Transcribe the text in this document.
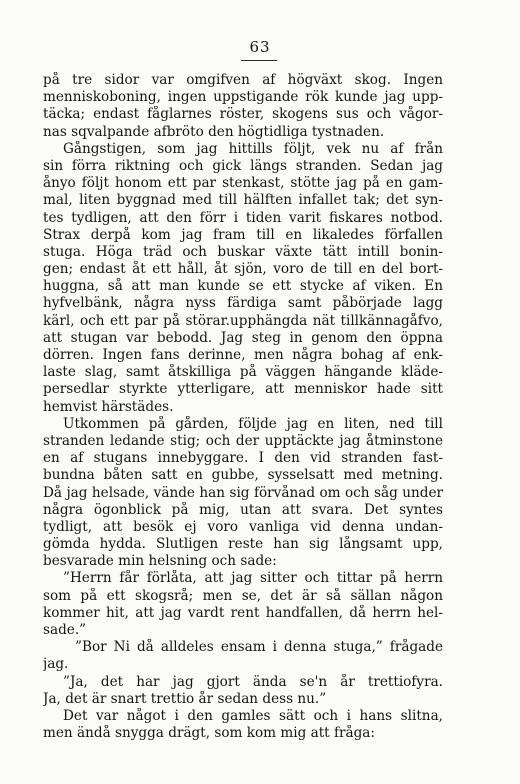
63
på tre sidor var omgifven af högväxt skog. Ingen
menniskoboning, ingen uppstigande rök kunde jag upp-
täcka; endast fåglarnes röster, skogens sus och vågor-
nas sqvalpande afbröto den högtidliga tystnaden.
Gångstigen, som jag hittills följt, vek nu af från
sin förra riktning och gick längs stranden. Sedan jag
ånyo följt honom ett par stenkast, stötte jag på en gam-
mal, liten byggnad med till hälften infallet tak; det syn-
tes tydligen, att den förr i tiden varit fiskares notbod.
Strax derpå kom jag fram till en likaledes förfallen
stuga. Höga träd och buskar växte tätt intill bonin-
gen; endast åt ett håll, åt sjön, voro de till en del bort-
huggna, så att man kunde se ett stycke af viken. En
hyfvelbänk, några nyss färdiga samt påbörjade lagg
kärl, och ett par på störar.upphängda nät tillkännagåfvo,
att stugan var bebodd. Jag steg in genom den öppna
dörren. Ingen fans derinne, men några bohag af enk-
laste slag, samt åtskilliga på väggen hängande kläde-
persedlar styrkte ytterligare, att menniskor hade sitt
hemvist härstädes.
Utkommen på gården, följde jag en liten, ned till
stranden ledande stig; och der upptäckte jag åtminstone
en af stugans innebyggare. I den vid stranden fast-
bundna båten satt en gubbe, sysselsatt med metning.
Då jag helsade, vände han sig förvånad om och såg under
några ögonblick på mig, utan att svara. Det syntes
tydligt, att besök ej voro vanliga vid denna undan-
gömda hydda. Slutligen reste han sig långsamt upp,
besvarade min helsning och sade:
”Herrn får förlåta, att jag sitter och tittar på herrn
som på ett skogsrå; men se, det är så sällan någon
kommer hit, att jag vardt rent handfallen, då herrn hel-
sade.”
”Bor Ni då alldeles ensam i denna stuga,” frågade
jag.
”Ja, det har jag gjort ända se'n år trettiofyra.
Ja, det är snart trettio år sedan dess nu.”
Det var något i den gamles sätt och i hans slitna,
men ändå snygga drägt, som kom mig att fråga:
